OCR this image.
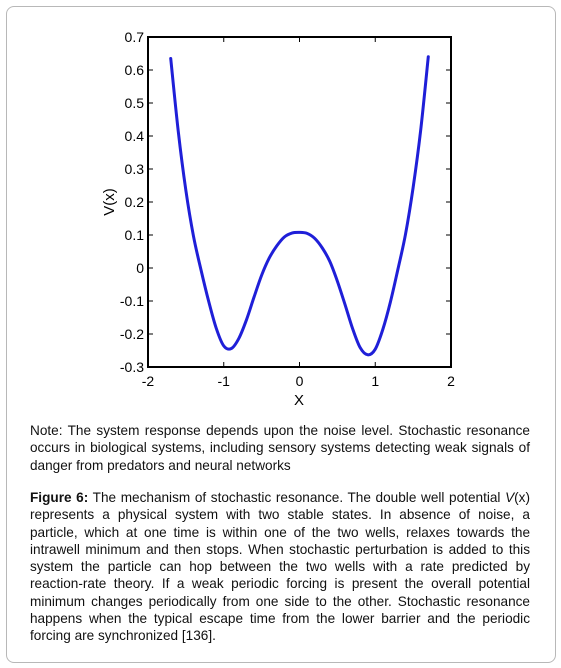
-2	-1	0	1	2
-0.3
-0.2
-0.1
0
0.1
0.2
0.3
0.4
0.5
0.6
0.7
X
V(x)
Note: The system response depends upon the noise level. Stochastic resonance occurs in biological systems, including sensory systems detecting weak signals of danger from predators and neural networks
Figure 6: The mechanism of stochastic resonance. The double well potential V(x) represents a physical system with two stable states. In absence of noise, a particle, which at one time is within one of the two wells, relaxes towards the intrawell minimum and then stops. When stochastic perturbation is added to this system the particle can hop between the two wells with a rate predicted by reaction-rate theory. If a weak periodic forcing is present the overall potential minimum changes periodically from one side to the other. Stochastic resonance happens when the typical escape time from the lower barrier and the periodic forcing are synchronized [136].
